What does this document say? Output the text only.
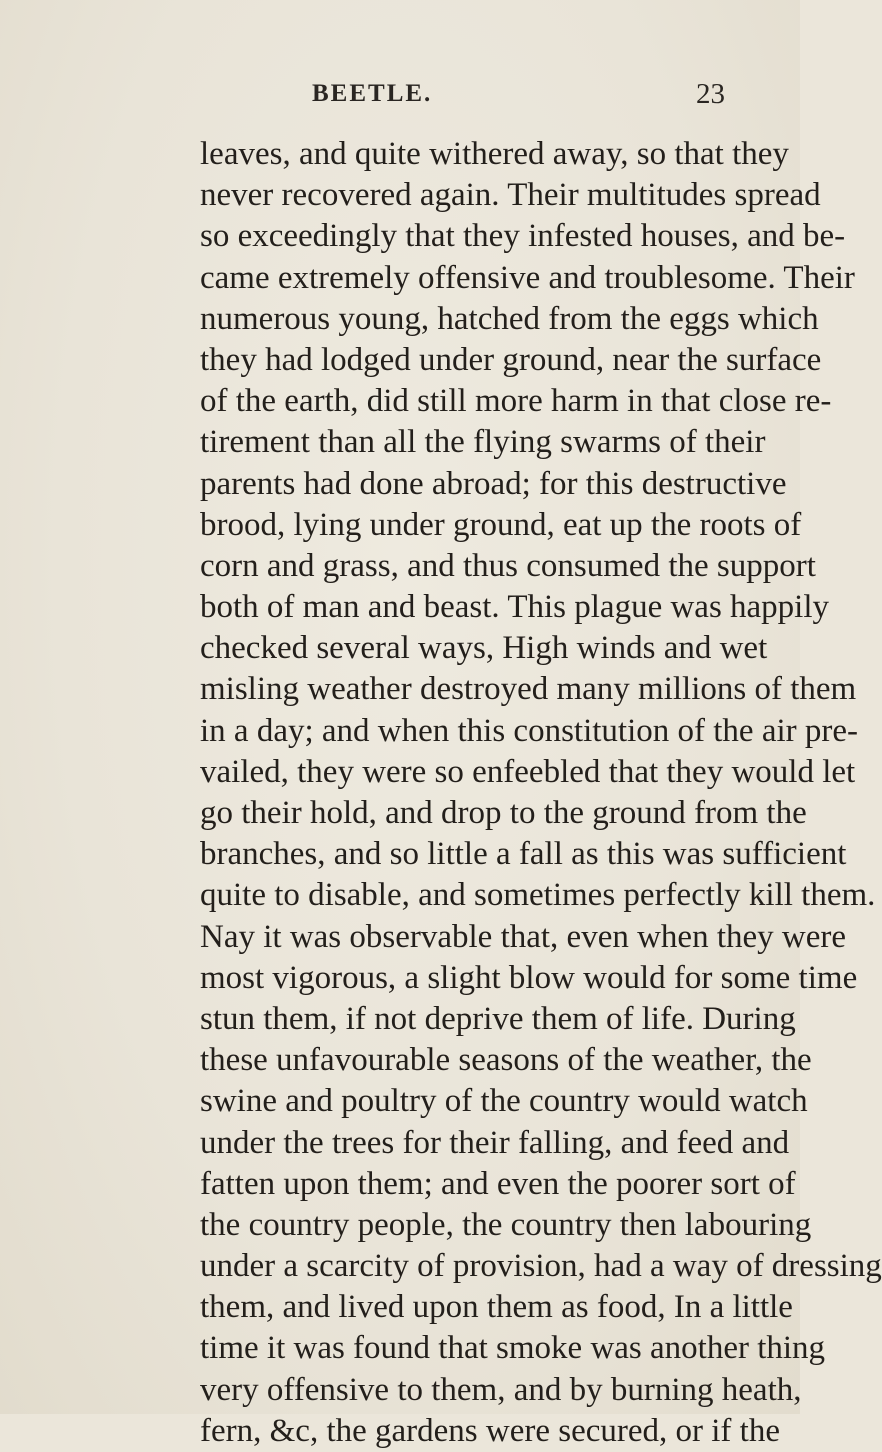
BEETLE.	23
leaves, and quite withered away, so that they
never recovered again. Their multitudes spread
so exceedingly that they infested houses, and be-
came extremely offensive and troublesome. Their
numerous young, hatched from the eggs which
they had lodged under ground, near the surface
of the earth, did still more harm in that close re-
tirement than all the flying swarms of their
parents had done abroad; for this destructive
brood, lying under ground, eat up the roots of
corn and grass, and thus consumed the support
both of man and beast. This plague was happily
checked several ways, High winds and wet
misling weather destroyed many millions of them
in a day; and when this constitution of the air pre-
vailed, they were so enfeebled that they would let
go their hold, and drop to the ground from the
branches, and so little a fall as this was sufficient
quite to disable, and sometimes perfectly kill them.
Nay it was observable that, even when they were
most vigorous, a slight blow would for some time
stun them, if not deprive them of life. During
these unfavourable seasons of the weather, the
swine and poultry of the country would watch
under the trees for their falling, and feed and
fatten upon them; and even the poorer sort of
the country people, the country then labouring
under a scarcity of provision, had a way of dressing
them, and lived upon them as food, In a little
time it was found that smoke was another thing
very offensive to them, and by burning heath,
fern, &c, the gardens were secured, or if the
